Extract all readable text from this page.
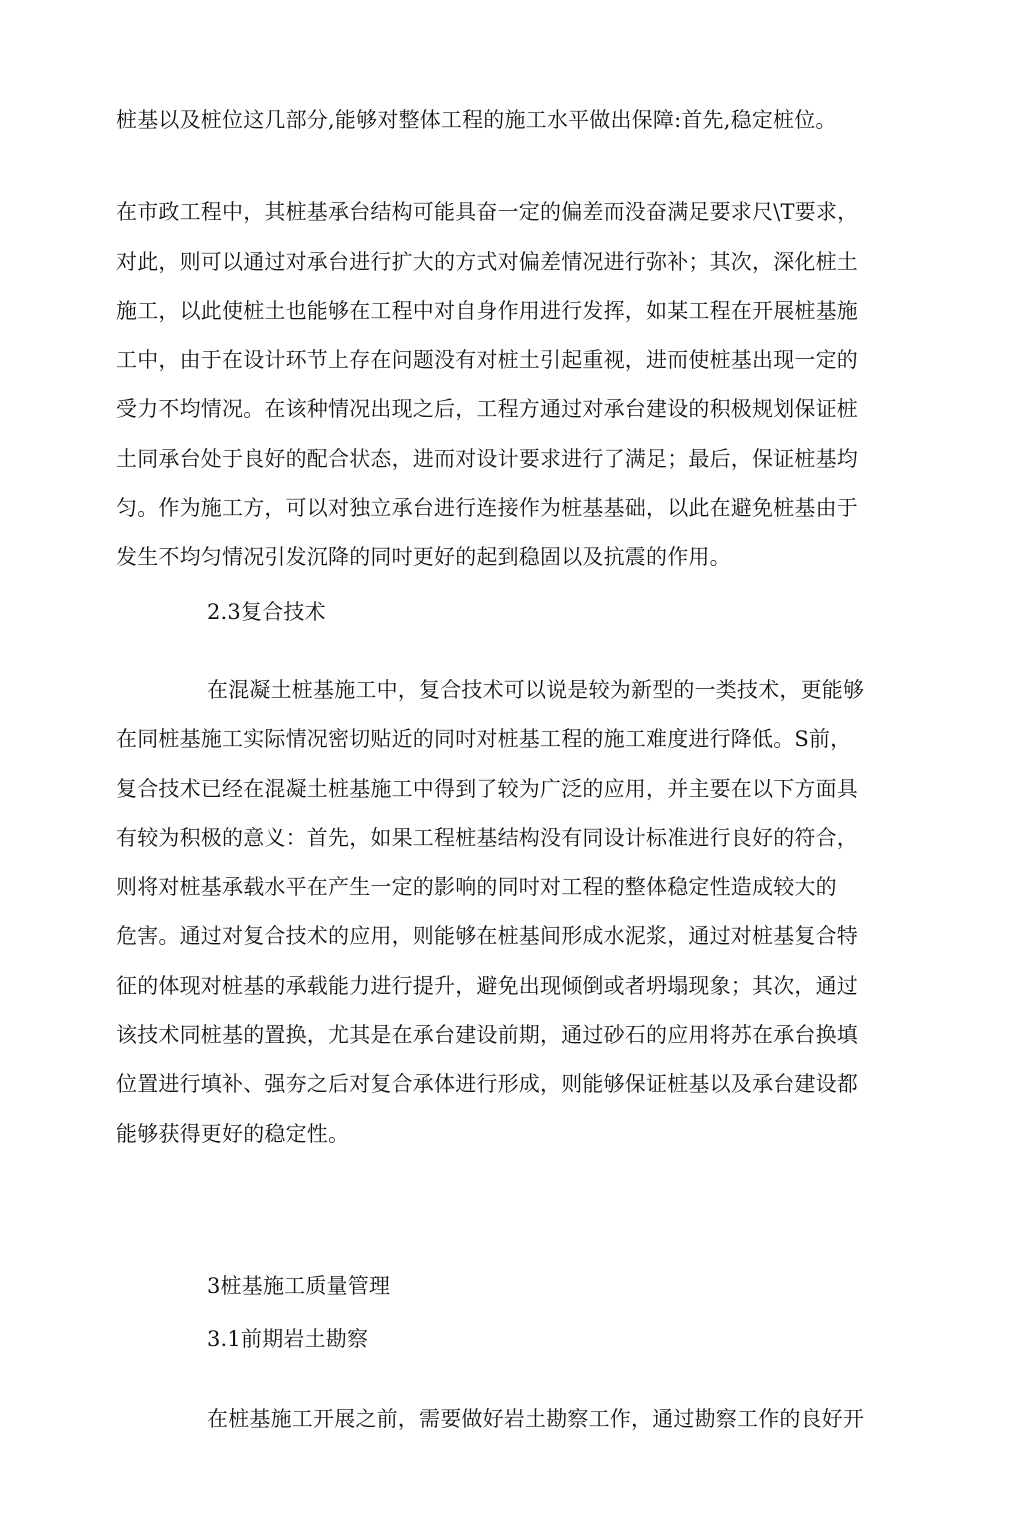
桩基以及桩位这几部分,能够对整体工程的施工水平做出保障:首先,稳定桩位。
在市政工程中，其桩基承台结构可能具奋一定的偏差而没奋满足要求尺\T要求，
对此，则可以通过对承台进行扩大的方式对偏差情况进行弥补；其次，深化桩土
施工，以此使桩土也能够在工程中对自身作用进行发挥，如某工程在开展桩基施
工中，由于在设计环节上存在问题没有对桩土引起重视，进而使桩基出现一定的
受力不均情况。在该种情况出现之后，工程方通过对承台建设的积极规划保证桩
土同承台处于良好的配合状态，进而对设计要求进行了满足；最后，保证桩基均
匀。作为施工方，可以对独立承台进行连接作为桩基基础，以此在避免桩基由于
发生不均匀情况引发沉降的同吋更好的起到稳固以及抗震的作用。
2.3复合技术
在混凝土桩基施工中，复合技术可以说是较为新型的一类技术，更能够
在同桩基施工实际情况密切贴近的同吋对桩基工程的施工难度进行降低。S前，
复合技术已经在混凝土桩基施工中得到了较为广泛的应用，并主要在以下方面具
有较为积极的意义：首先，如果工程桩基结构没有同设计标准进行良好的符合，
则将对桩基承载水平在产生一定的影响的同吋对工程的整体稳定性造成较大的
危害。通过对复合技术的应用，则能够在桩基间形成水泥浆，通过对桩基复合特
征的体现对桩基的承载能力进行提升，避免出现倾倒或者坍塌现象；其次，通过
该技术同桩基的置换，尤其是在承台建设前期，通过砂石的应用将苏在承台换填
位置进行填补、强夯之后对复合承体进行形成，则能够保证桩基以及承台建设都
能够获得更好的稳定性。
3桩基施工质量管理
3.1前期岩土勘察
在桩基施工开展之前，需要做好岩土勘察工作，通过勘察工作的良好开
